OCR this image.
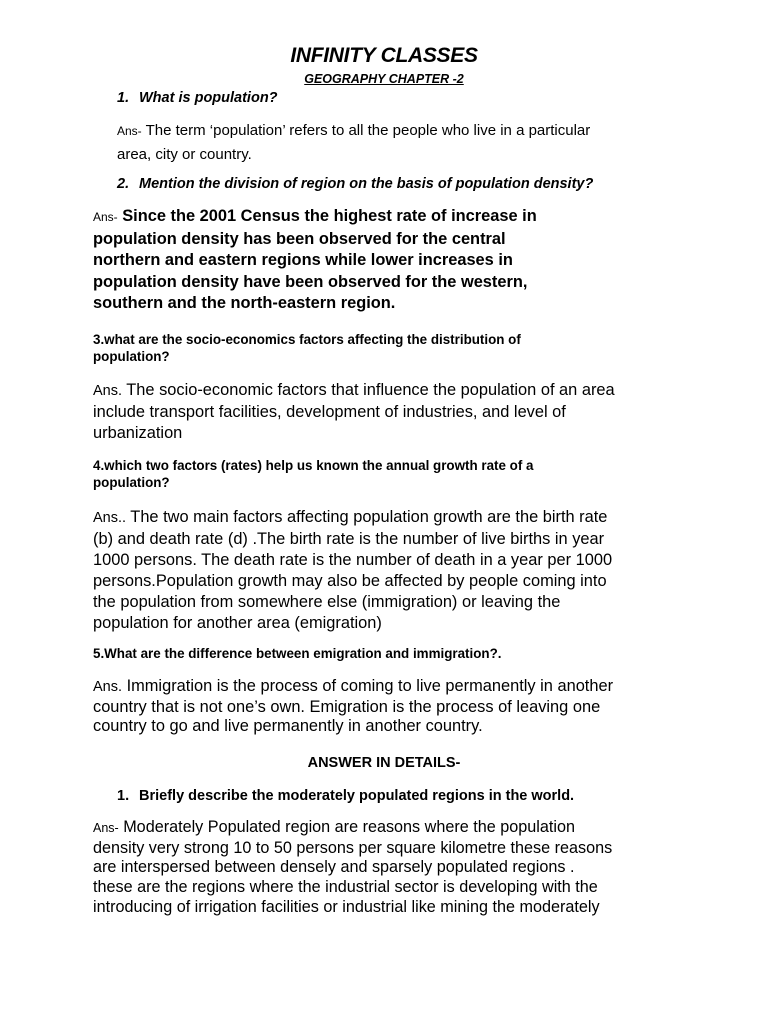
INFINITY CLASSES
GEOGRAPHY CHAPTER -2
1. What is population?
Ans- The term ‘population’ refers to all the people who live in a particular
area, city or country.
2. Mention the division of region on the basis of population density?
Ans- Since the 2001 Census the highest rate of increase in
population density has been observed for the central
northern and eastern regions while lower increases in
population density have been observed for the western,
southern and the north-eastern region.
3.what are the socio-economics factors affecting the distribution of
population?
Ans. The socio-economic factors that influence the population of an area
include transport facilities, development of industries, and level of
urbanization
4.which two factors (rates) help us known the annual growth rate of a
population?
Ans.. The two main factors affecting population growth are the birth rate
(b) and death rate (d) .The birth rate is the number of live births in year
1000 persons. The death rate is the number of death in a year per 1000
persons.Population growth may also be affected by people coming into
the population from somewhere else (immigration) or leaving the
population for another area (emigration)
5.What are the difference between emigration and immigration?.
Ans. Immigration is the process of coming to live permanently in another
country that is not one’s own. Emigration is the process of leaving one
country to go and live permanently in another country.
ANSWER IN DETAILS-
1. Briefly describe the moderately populated regions in the world.
Ans- Moderately Populated region are reasons where the population
density very strong 10 to 50 persons per square kilometre these reasons
are interspersed between densely and sparsely populated regions .
these are the regions where the industrial sector is developing with the
introducing of irrigation facilities or industrial like mining the moderately
